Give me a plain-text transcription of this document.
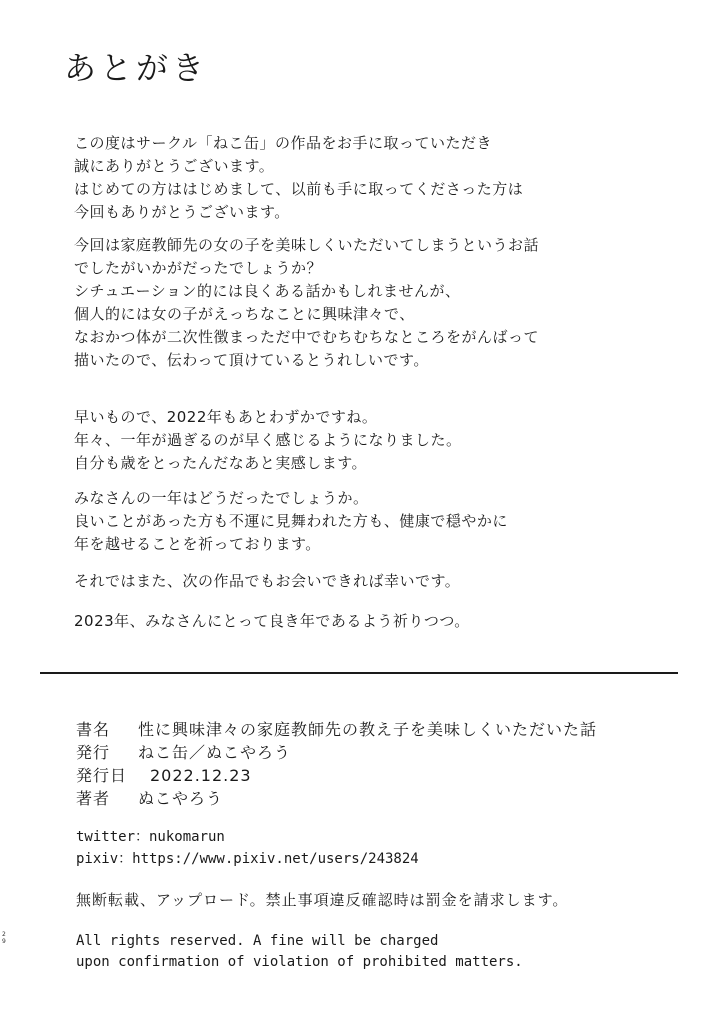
あとがき
この度はサークル「ねこ缶」の作品をお手に取っていただき
誠にありがとうございます。
はじめての方ははじめまして、以前も手に取ってくださった方は
今回もありがとうございます。
今回は家庭教師先の女の子を美味しくいただいてしまうというお話
でしたがいかがだったでしょうか？
シチュエーション的には良くある話かもしれませんが、
個人的には女の子がえっちなことに興味津々で、
なおかつ体が二次性徴まっただ中でむちむちなところをがんばって
描いたので、伝わって頂けているとうれしいです。
早いもので、2022年もあとわずかですね。
年々、一年が過ぎるのが早く感じるようになりました。
自分も歳をとったんだなあと実感します。
みなさんの一年はどうだったでしょうか。
良いことがあった方も不運に見舞われた方も、健康で穏やかに
年を越せることを祈っております。
それではまた、次の作品でもお会いできれば幸いです。
2023年、みなさんにとって良き年であるよう祈りつつ。
書名 性に興味津々の家庭教師先の教え子を美味しくいただいた話
発行 ねこ缶／ぬこやろう
発行日 2022.12.23
著者 ぬこやろう
twitter：nukomarun
pixiv：https://www.pixiv.net/users/243824
無断転載、アップロード。禁止事項違反確認時は罰金を請求します。
All rights reserved. A fine will be charged
upon confirmation of violation of prohibited matters.
29
